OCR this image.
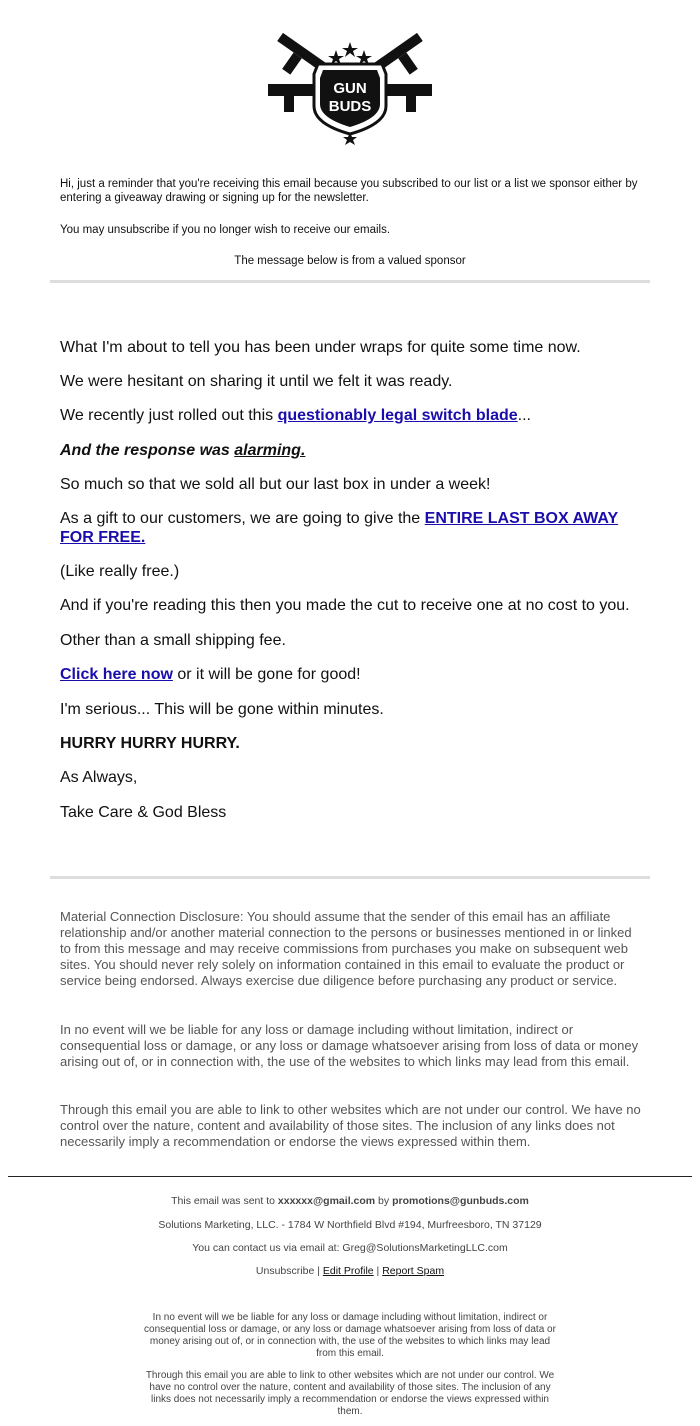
GUN
BUDS
Hi, just a reminder that you're receiving this email because you subscribed to our list or a list we sponsor either by entering a giveaway drawing or signing up for the newsletter.
You may unsubscribe if you no longer wish to receive our emails.
The message below is from a valued sponsor
What I'm about to tell you has been under wraps for quite some time now.
We were hesitant on sharing it until we felt it was ready.
We recently just rolled out this questionably legal switch blade...
And the response was alarming.
So much so that we sold all but our last box in under a week!
As a gift to our customers, we are going to give the ENTIRE LAST BOX AWAY FOR FREE.
(Like really free.)
And if you're reading this then you made the cut to receive one at no cost to you.
Other than a small shipping fee.
Click here now or it will be gone for good!
I'm serious... This will be gone within minutes.
HURRY HURRY HURRY.
As Always,
Take Care & God Bless
Material Connection Disclosure: You should assume that the sender of this email has an affiliate relationship and/or another material connection to the persons or businesses mentioned in or linked to from this message and may receive commissions from purchases you make on subsequent web sites. You should never rely solely on information contained in this email to evaluate the product or service being endorsed. Always exercise due diligence before purchasing any product or service.
In no event will we be liable for any loss or damage including without limitation, indirect or consequential loss or damage, or any loss or damage whatsoever arising from loss of data or money arising out of, or in connection with, the use of the websites to which links may lead from this email.
Through this email you are able to link to other websites which are not under our control. We have no control over the nature, content and availability of those sites. The inclusion of any links does not necessarily imply a recommendation or endorse the views expressed within them.
This email was sent to xxxxxx@gmail.com by promotions@gunbuds.com
Solutions Marketing, LLC. - 1784 W Northfield Blvd #194, Murfreesboro, TN 37129
You can contact us via email at: Greg@SolutionsMarketingLLC.com
Unsubscribe | Edit Profile | Report Spam
In no event will we be liable for any loss or damage including without limitation, indirect or consequential loss or damage, or any loss or damage whatsoever arising from loss of data or money arising out of, or in connection with, the use of the websites to which links may lead from this email.
Through this email you are able to link to other websites which are not under our control. We have no control over the nature, content and availability of those sites. The inclusion of any links does not necessarily imply a recommendation or endorse the views expressed within them.
